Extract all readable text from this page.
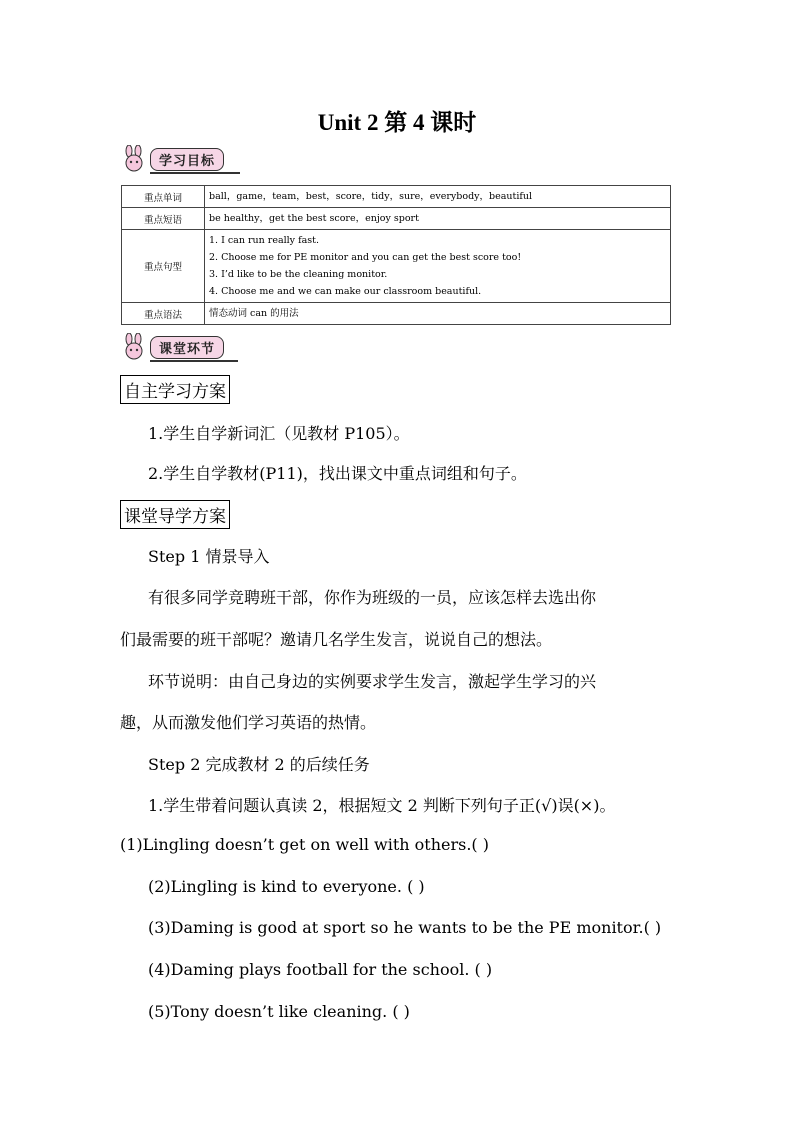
Unit 2 第 4 课时
学习目标
重点单词	ball，game，team，best，score，tidy，sure，everybody，beautiful

重点短语	be healthy，get the best score，enjoy sport

重点句型	1. I can run really fast.
2. Choose me for PE monitor and you can get the best score too!
3. I’d like to be the cleaning monitor.
4. Choose me and we can make our classroom beautiful.

重点语法	情态动词 can 的用法
课堂环节
自主学习方案
1.学生自学新词汇（见教材 P105）。
2.学生自学教材(P11)，找出课文中重点词组和句子。
课堂导学方案
Step 1 情景导入
有很多同学竞聘班干部，你作为班级的一员，应该怎样去选出你
们最需要的班干部呢？邀请几名学生发言，说说自己的想法。
环节说明：由自己身边的实例要求学生发言，激起学生学习的兴
趣，从而激发他们学习英语的热情。
Step 2 完成教材 2 的后续任务
1.学生带着问题认真读 2，根据短文 2 判断下列句子正(√)误(×)。
(1)Lingling doesn’t get on well with others.( )
(2)Lingling is kind to everyone. ( )
(3)Daming is good at sport so he wants to be the PE monitor.( )
(4)Daming plays football for the school. ( )
(5)Tony doesn’t like cleaning. ( )
